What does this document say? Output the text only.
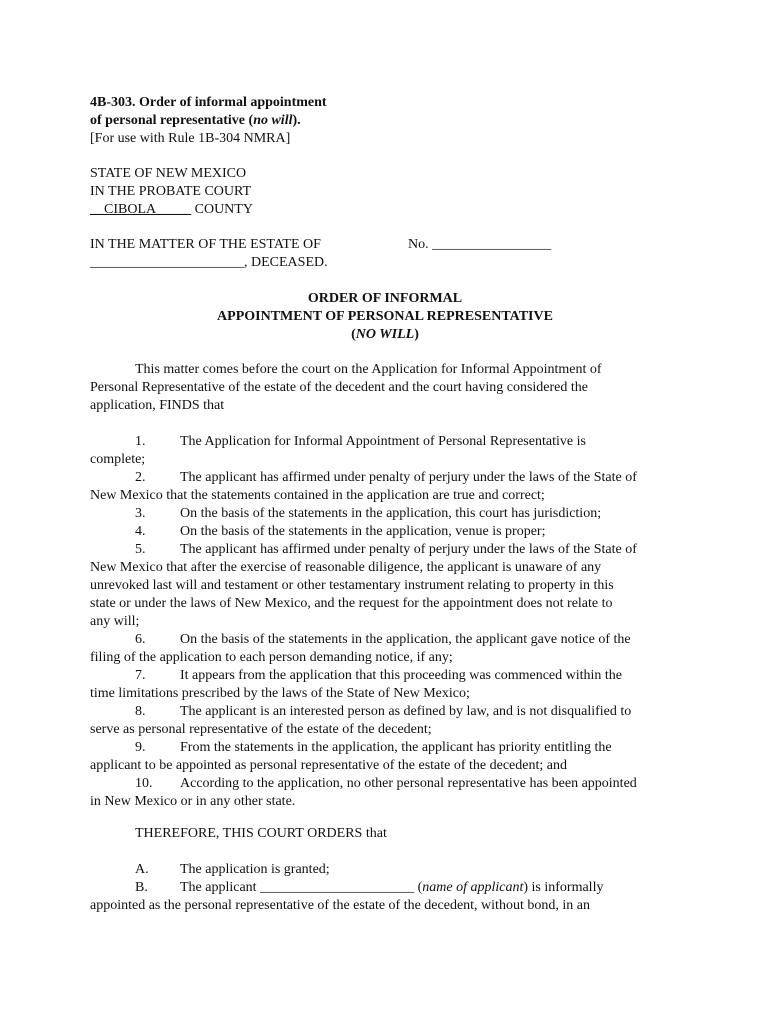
4B-303. Order of informal appointment
of personal representative (no will).
[For use with Rule 1B-304 NMRA]
STATE OF NEW MEXICO
IN THE PROBATE COURT
__CIBOLA_____ COUNTY
IN THE MATTER OF THE ESTATE OF	No. _________________
______________________, DECEASED.
ORDER OF INFORMAL
APPOINTMENT OF PERSONAL REPRESENTATIVE
(NO WILL)
This matter comes before the court on the Application for Informal Appointment of
Personal Representative of the estate of the decedent and the court having considered the
application, FINDS that
1. The Application for Informal Appointment of Personal Representative is
complete;
2. The applicant has affirmed under penalty of perjury under the laws of the State of
New Mexico that the statements contained in the application are true and correct;
3. On the basis of the statements in the application, this court has jurisdiction;
4. On the basis of the statements in the application, venue is proper;
5. The applicant has affirmed under penalty of perjury under the laws of the State of
New Mexico that after the exercise of reasonable diligence, the applicant is unaware of any
unrevoked last will and testament or other testamentary instrument relating to property in this
state or under the laws of New Mexico, and the request for the appointment does not relate to
any will;
6. On the basis of the statements in the application, the applicant gave notice of the
filing of the application to each person demanding notice, if any;
7. It appears from the application that this proceeding was commenced within the
time limitations prescribed by the laws of the State of New Mexico;
8. The applicant is an interested person as defined by law, and is not disqualified to
serve as personal representative of the estate of the decedent;
9. From the statements in the application, the applicant has priority entitling the
applicant to be appointed as personal representative of the estate of the decedent; and
10. According to the application, no other personal representative has been appointed
in New Mexico or in any other state.
THEREFORE, THIS COURT ORDERS that
A. The application is granted;
B. The applicant ______________________ (name of applicant) is informally
appointed as the personal representative of the estate of the decedent, without bond, in an
